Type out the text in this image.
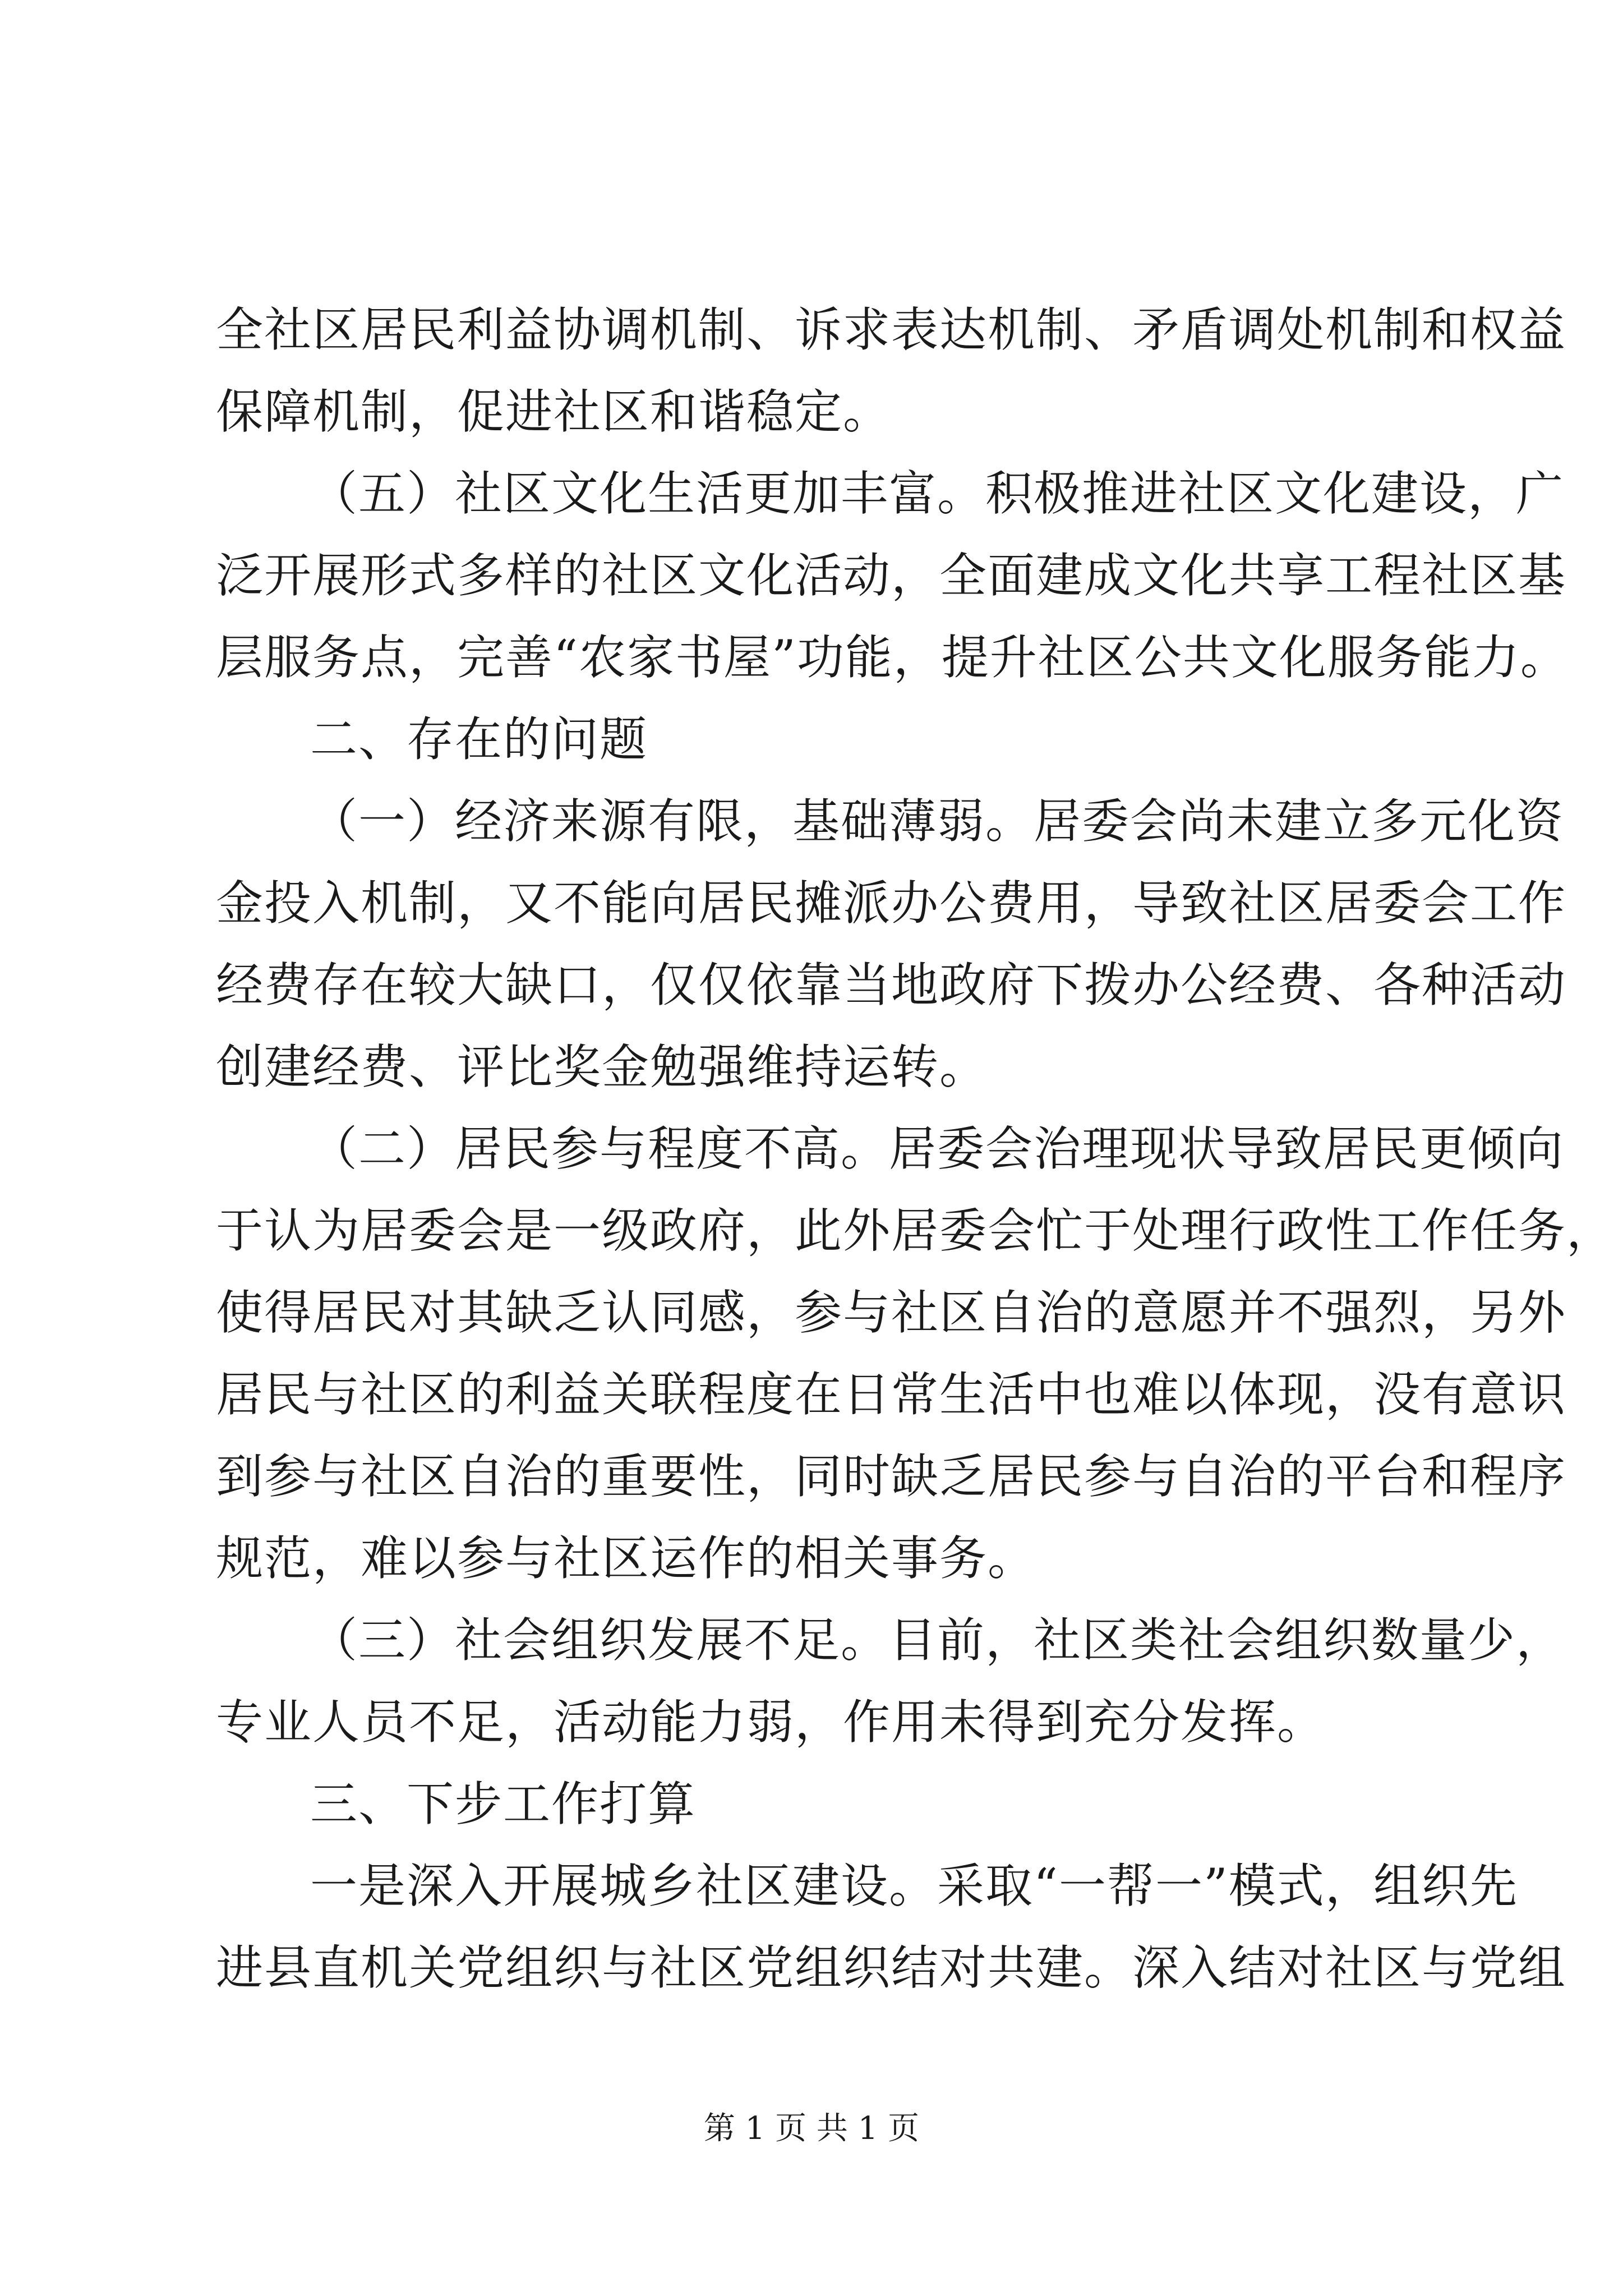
全社区居民利益协调机制、诉求表达机制、矛盾调处机制和权益
保障机制，促进社区和谐稳定。
（五）社区文化生活更加丰富。积极推进社区文化建设，广
泛开展形式多样的社区文化活动，全面建成文化共享工程社区基
层服务点，完善“农家书屋”功能，提升社区公共文化服务能力。
二、存在的问题
（一）经济来源有限，基础薄弱。居委会尚未建立多元化资
金投入机制，又不能向居民摊派办公费用，导致社区居委会工作
经费存在较大缺口，仅仅依靠当地政府下拨办公经费、各种活动
创建经费、评比奖金勉强维持运转。
（二）居民参与程度不高。居委会治理现状导致居民更倾向
于认为居委会是一级政府，此外居委会忙于处理行政性工作任务，
使得居民对其缺乏认同感，参与社区自治的意愿并不强烈，另外
居民与社区的利益关联程度在日常生活中也难以体现，没有意识
到参与社区自治的重要性，同时缺乏居民参与自治的平台和程序
规范，难以参与社区运作的相关事务。
（三）社会组织发展不足。目前，社区类社会组织数量少，
专业人员不足，活动能力弱，作用未得到充分发挥。
三、下步工作打算
一是深入开展城乡社区建设。采取“一帮一”模式，组织先
进县直机关党组织与社区党组织结对共建。深入结对社区与党组
第 1 页 共 1 页
